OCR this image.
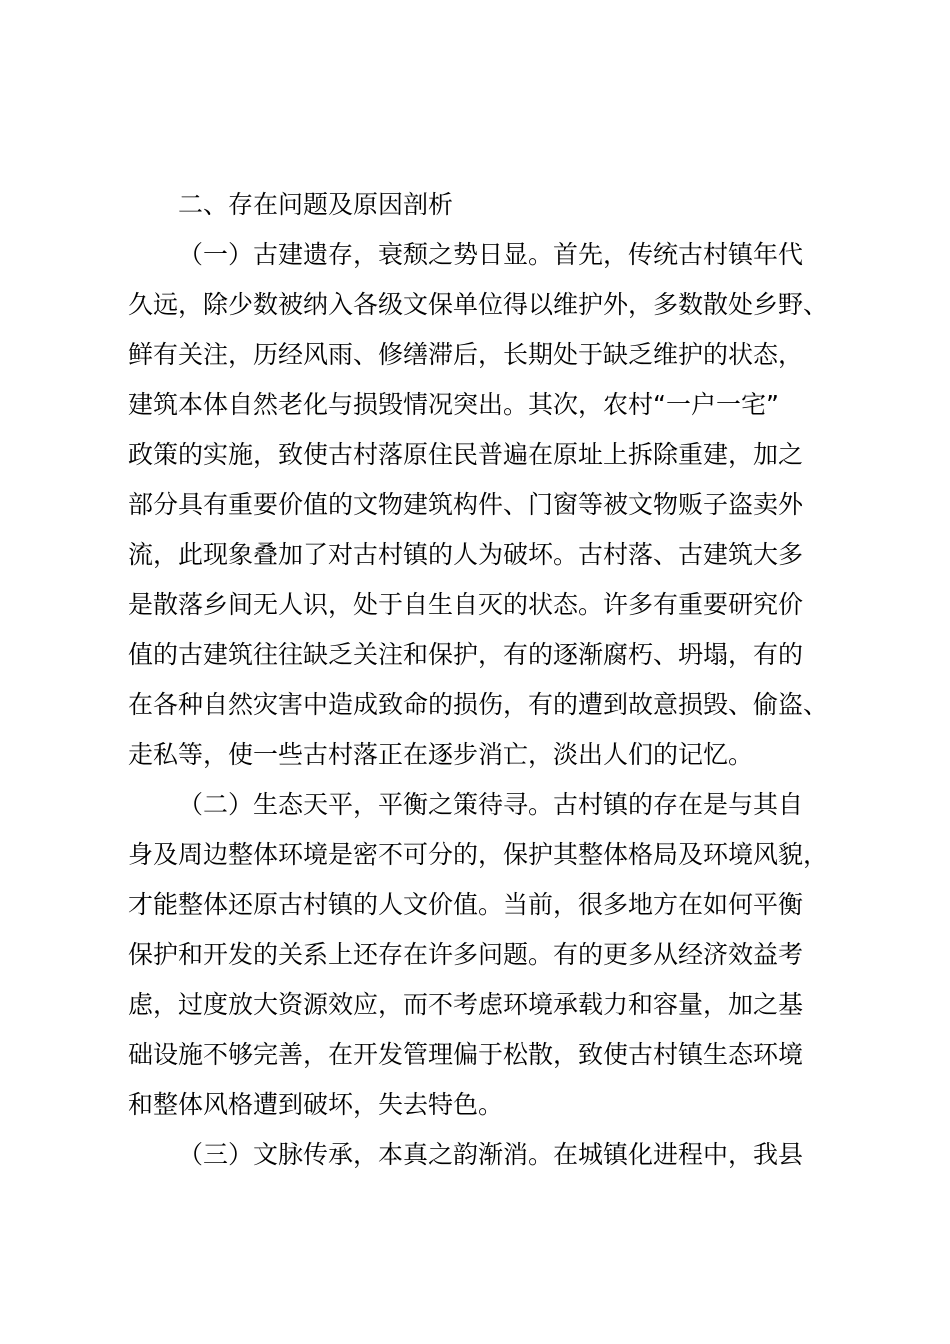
二、存在问题及原因剖析
（一）古建遗存，衰颓之势日显。首先，传统古村镇年代
久远，除少数被纳入各级文保单位得以维护外，多数散处乡野、
鲜有关注，历经风雨、修缮滞后，长期处于缺乏维护的状态，
建筑本体自然老化与损毁情况突出。其次，农村“一户一宅”
政策的实施，致使古村落原住民普遍在原址上拆除重建，加之
部分具有重要价值的文物建筑构件、门窗等被文物贩子盗卖外
流，此现象叠加了对古村镇的人为破坏。古村落、古建筑大多
是散落乡间无人识，处于自生自灭的状态。许多有重要研究价
值的古建筑往往缺乏关注和保护，有的逐渐腐朽、坍塌，有的
在各种自然灾害中造成致命的损伤，有的遭到故意损毁、偷盗、
走私等，使一些古村落正在逐步消亡，淡出人们的记忆。
（二）生态天平，平衡之策待寻。古村镇的存在是与其自
身及周边整体环境是密不可分的，保护其整体格局及环境风貌，
才能整体还原古村镇的人文价值。当前，很多地方在如何平衡
保护和开发的关系上还存在许多问题。有的更多从经济效益考
虑，过度放大资源效应，而不考虑环境承载力和容量，加之基
础设施不够完善，在开发管理偏于松散，致使古村镇生态环境
和整体风格遭到破坏，失去特色。
（三）文脉传承，本真之韵渐消。在城镇化进程中，我县
